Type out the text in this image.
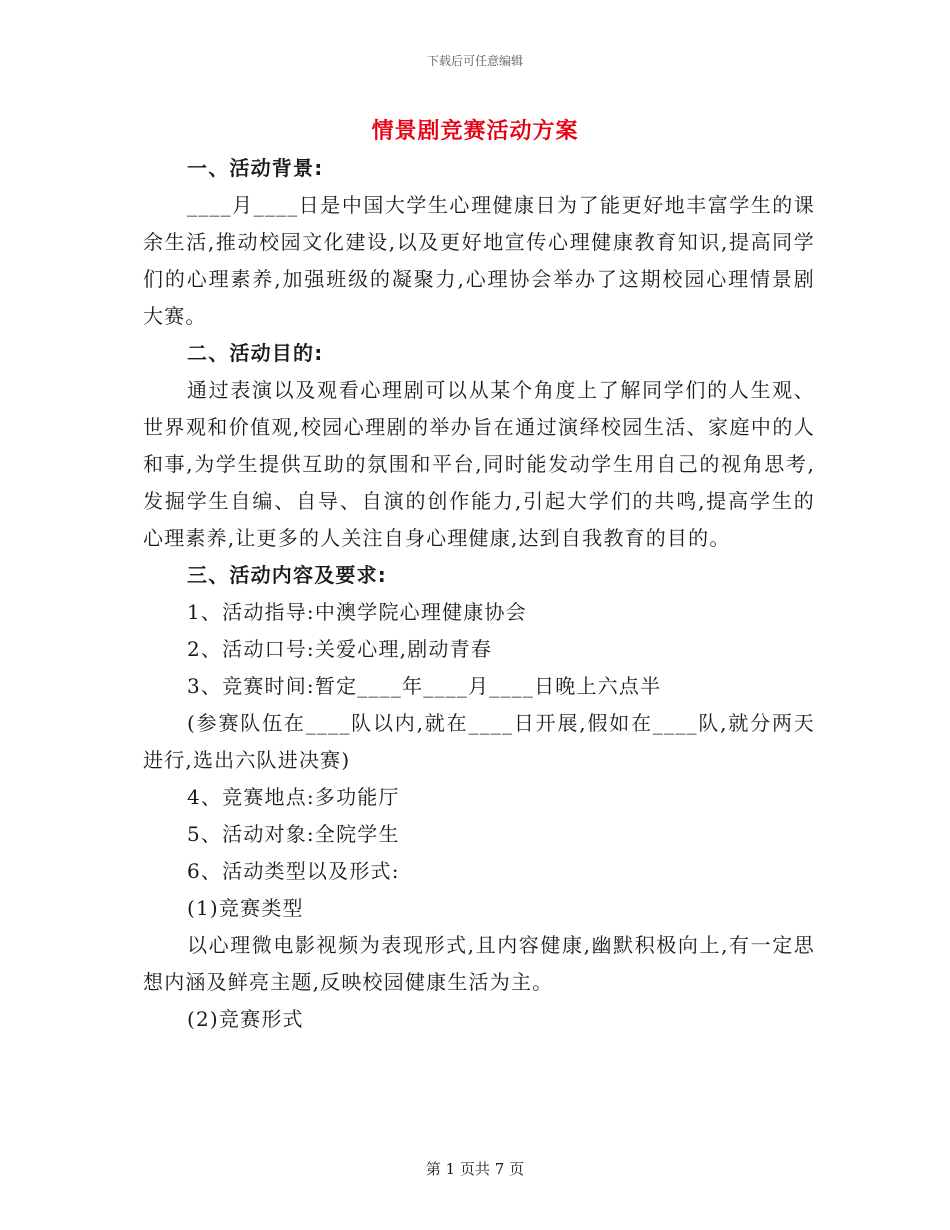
下载后可任意编辑
情景剧竞赛活动方案

一、活动背景:

____月____日是中国大学生心理健康日为了能更好地丰富学生的课余生活,推动校园文化建设,以及更好地宣传心理健康教育知识,提高同学们的心理素养,加强班级的凝聚力,心理协会举办了这期校园心理情景剧大赛。

二、活动目的:

通过表演以及观看心理剧可以从某个角度上了解同学们的人生观、世界观和价值观,校园心理剧的举办旨在通过演绎校园生活、家庭中的人和事,为学生提供互助的氛围和平台,同时能发动学生用自己的视角思考,发掘学生自编、自导、自演的创作能力,引起大学们的共鸣,提高学生的心理素养,让更多的人关注自身心理健康,达到自我教育的目的。

三、活动内容及要求:

1、活动指导:中澳学院心理健康协会

2、活动口号:关爱心理,剧动青春

3、竞赛时间:暂定____年____月____日晚上六点半

(参赛队伍在____队以内,就在____日开展,假如在____队,就分两天进行,选出六队进决赛)

4、竞赛地点:多功能厅

5、活动对象:全院学生

6、活动类型以及形式:

(1)竞赛类型

以心理微电影视频为表现形式,且内容健康,幽默积极向上,有一定思想内涵及鲜亮主题,反映校园健康生活为主。

(2)竞赛形式

第 1 页共 7 页
